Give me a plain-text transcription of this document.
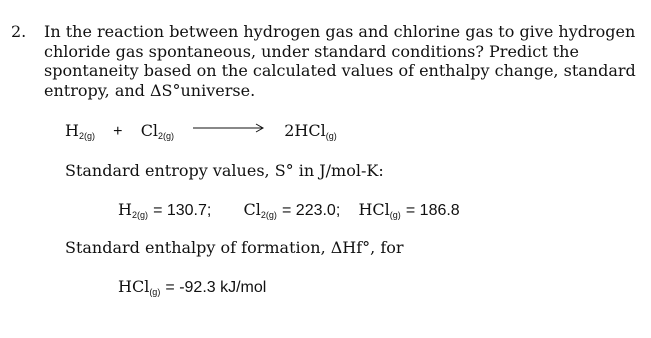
2. In the reaction between hydrogen gas and chlorine gas to give hydrogen
chloride gas spontaneous, under standard conditions? Predict the
spontaneity based on the calculated values of enthalpy change, standard
entropy, and ΔS°universe.
$H_{2(g)} + Cl_{2(g)}$	2HCl$_{(g)}$
Standard entropy values, S° in J/mol-K:
$H_{2(g)} = 130.7$; $Cl_{2(g)} = 223.0$; HCl$_{(g)}$ = 186.8
Standard enthalpy of formation, ΔHf°, for
HCl$_{(g)}$ = -92.3 kJ/mol
